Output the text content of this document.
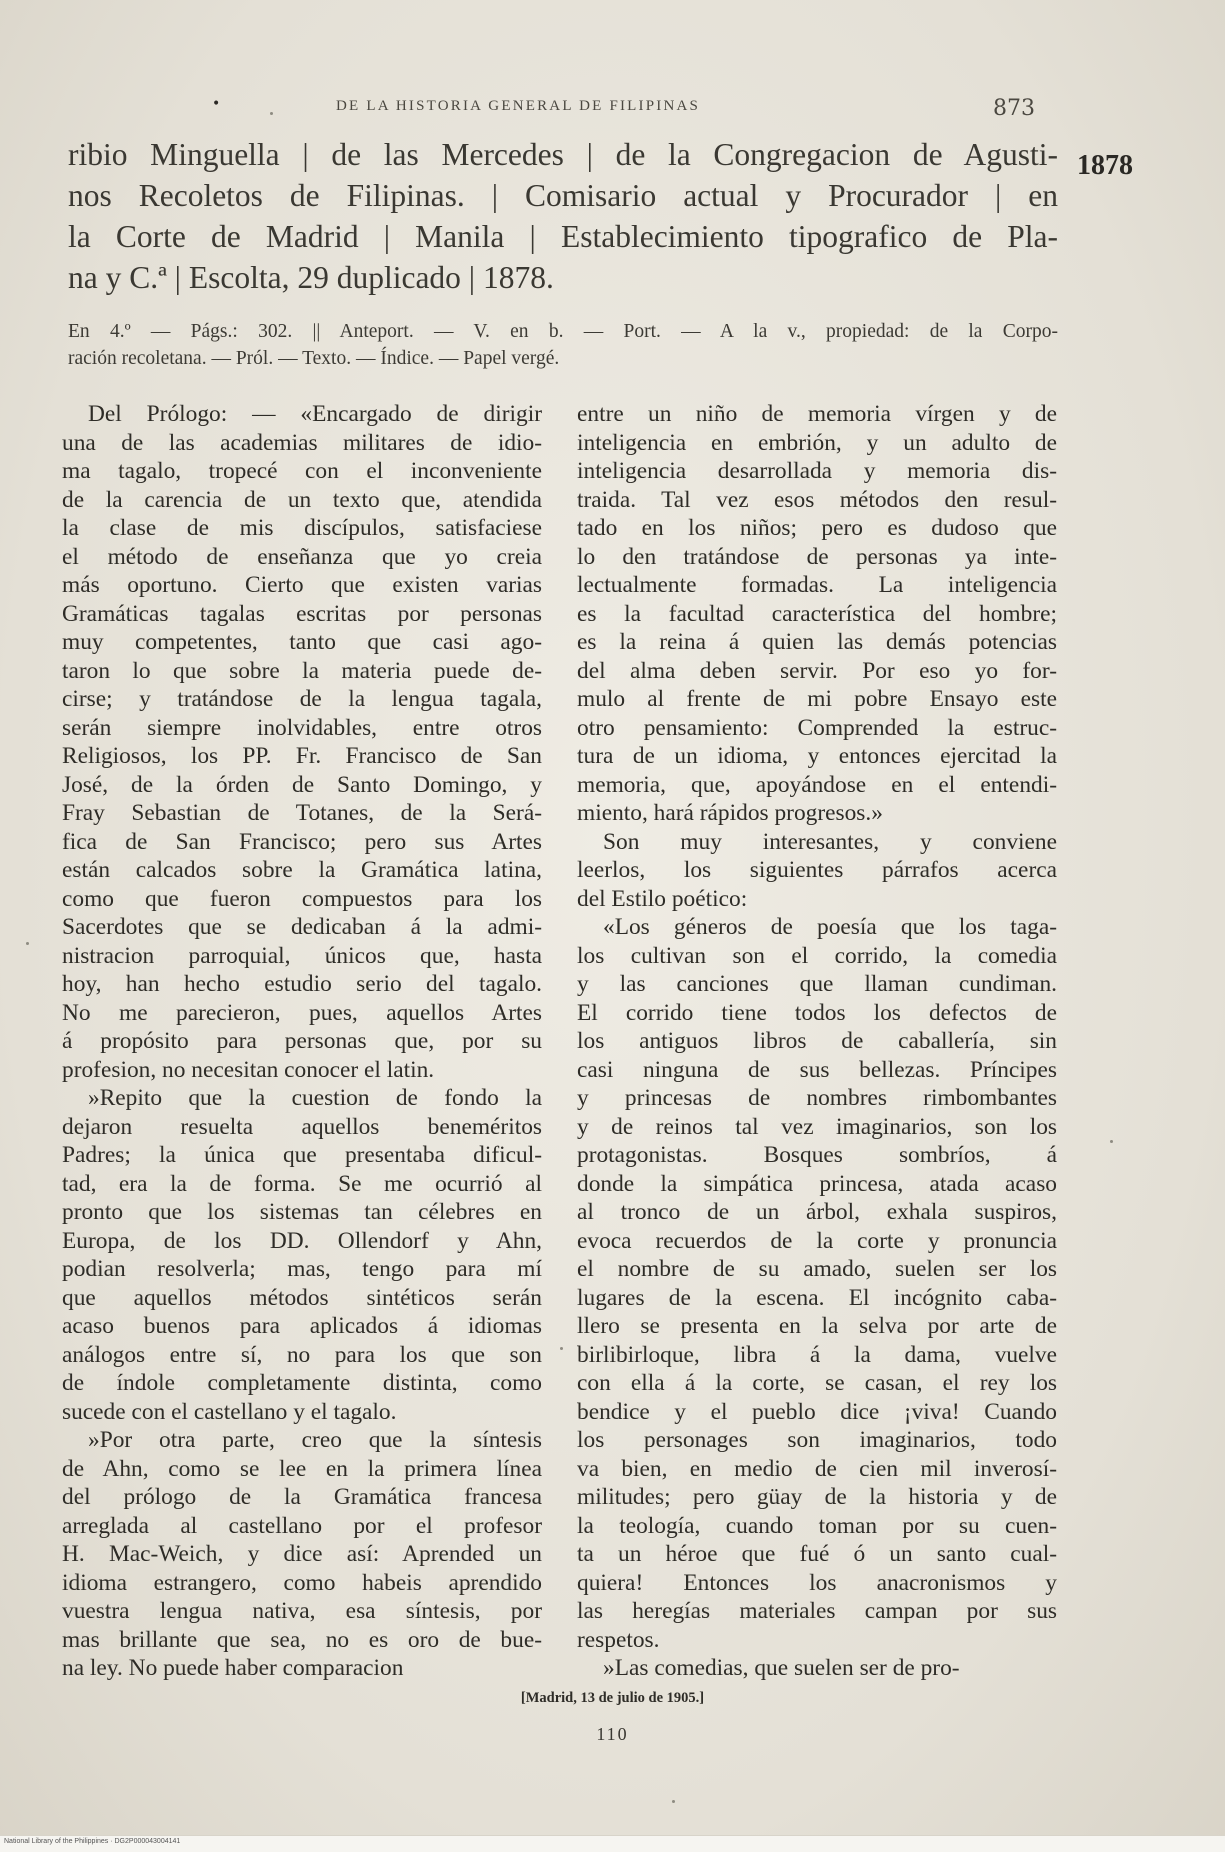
•	DE LA HISTORIA GENERAL DE FILIPINAS	873
ribio Minguella | de las Mercedes | de la Congregacion de Agusti-
nos Recoletos de Filipinas. | Comisario actual y Procurador | en
la Corte de Madrid | Manila | Establecimiento tipografico de Pla-
na y C.ª | Escolta, 29 duplicado | 1878.
1878
En 4.º — Págs.: 302. || Anteport. — V. en b. — Port. — A la v., propiedad: de la Corpo-
ración recoletana. — Pról. — Texto. — Índice. — Papel vergé.
Del Prólogo: — «Encargado de dirigir
una de las academias militares de idio-
ma tagalo, tropecé con el inconveniente
de la carencia de un texto que, atendida
la clase de mis discípulos, satisfaciese
el método de enseñanza que yo creia
más oportuno. Cierto que existen varias
Gramáticas tagalas escritas por personas
muy competentes, tanto que casi ago-
taron lo que sobre la materia puede de-
cirse; y tratándose de la lengua tagala,
serán siempre inolvidables, entre otros
Religiosos, los PP. Fr. Francisco de San
José, de la órden de Santo Domingo, y
Fray Sebastian de Totanes, de la Será-
fica de San Francisco; pero sus Artes
están calcados sobre la Gramática latina,
como que fueron compuestos para los
Sacerdotes que se dedicaban á la admi-
nistracion parroquial, únicos que, hasta
hoy, han hecho estudio serio del tagalo.
No me parecieron, pues, aquellos Artes
á propósito para personas que, por su
profesion, no necesitan conocer el latin.
»Repito que la cuestion de fondo la
dejaron resuelta aquellos beneméritos
Padres; la única que presentaba dificul-
tad, era la de forma. Se me ocurrió al
pronto que los sistemas tan célebres en
Europa, de los DD. Ollendorf y Ahn,
podian resolverla; mas, tengo para mí
que aquellos métodos sintéticos serán
acaso buenos para aplicados á idiomas
análogos entre sí, no para los que son
de índole completamente distinta, como
sucede con el castellano y el tagalo.
»Por otra parte, creo que la síntesis
de Ahn, como se lee en la primera línea
del prólogo de la Gramática francesa
arreglada al castellano por el profesor
H. Mac-Weich, y dice así: Aprended un
idioma estrangero, como habeis aprendido
vuestra lengua nativa, esa síntesis, por
mas brillante que sea, no es oro de bue-
na ley. No puede haber comparacion
entre un niño de memoria vírgen y de
inteligencia en embrión, y un adulto de
inteligencia desarrollada y memoria dis-
traida. Tal vez esos métodos den resul-
tado en los niños; pero es dudoso que
lo den tratándose de personas ya inte-
lectualmente formadas. La inteligencia
es la facultad característica del hombre;
es la reina á quien las demás potencias
del alma deben servir. Por eso yo for-
mulo al frente de mi pobre Ensayo este
otro pensamiento: Comprended la estruc-
tura de un idioma, y entonces ejercitad la
memoria, que, apoyándose en el entendi-
miento, hará rápidos progresos.»
Son muy interesantes, y conviene
leerlos, los siguientes párrafos acerca
del Estilo poético:
«Los géneros de poesía que los taga-
los cultivan son el corrido, la comedia
y las canciones que llaman cundiman.
El corrido tiene todos los defectos de
los antiguos libros de caballería, sin
casi ninguna de sus bellezas. Príncipes
y princesas de nombres rimbombantes
y de reinos tal vez imaginarios, son los
protagonistas. Bosques sombríos, á
donde la simpática princesa, atada acaso
al tronco de un árbol, exhala suspiros,
evoca recuerdos de la corte y pronuncia
el nombre de su amado, suelen ser los
lugares de la escena. El incógnito caba-
llero se presenta en la selva por arte de
birlibirloque, libra á la dama, vuelve
con ella á la corte, se casan, el rey los
bendice y el pueblo dice ¡viva! Cuando
los personages son imaginarios, todo
va bien, en medio de cien mil inverosí-
militudes; pero güay de la historia y de
la teología, cuando toman por su cuen-
ta un héroe que fué ó un santo cual-
quiera! Entonces los anacronismos y
las heregías materiales campan por sus
respetos.
»Las comedias, que suelen ser de pro-
[Madrid, 13 de julio de 1905.]
110
National Library of the Philippines · DG2P000043004141
